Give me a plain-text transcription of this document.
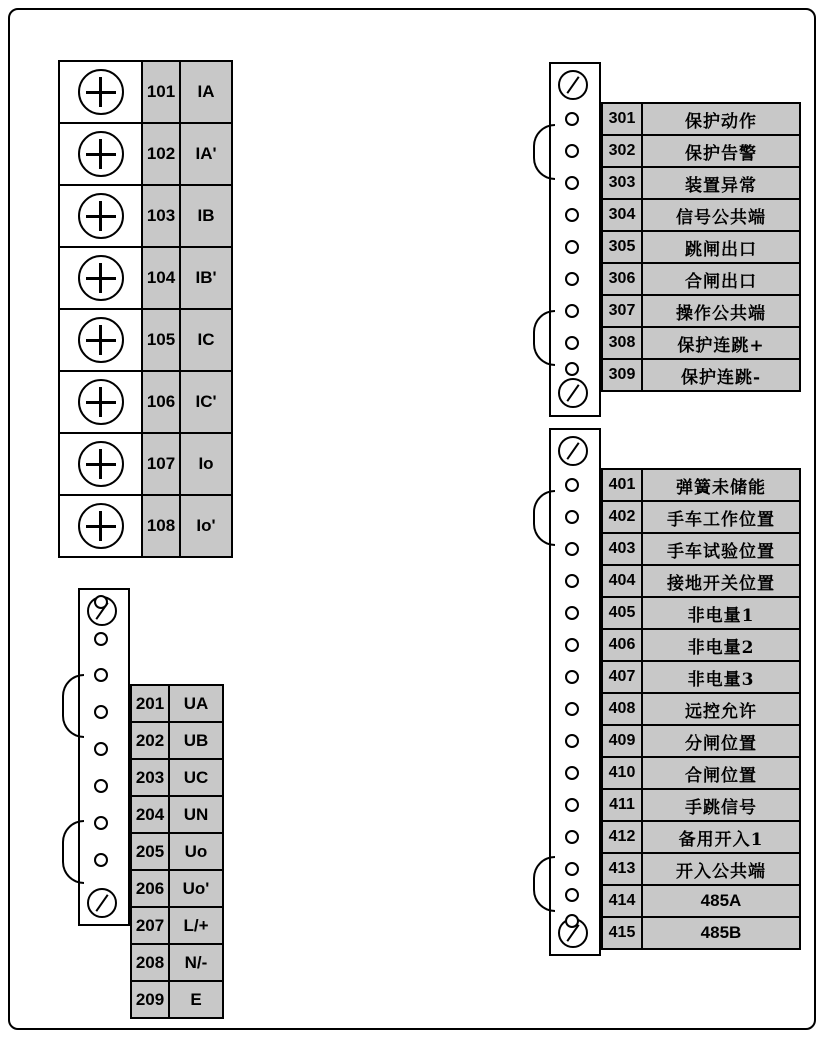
101	IA
102	IA'
103	IB
104	IB'
105	IC
106	IC'
107	Io
108	Io'
201	UA
202	UB
203	UC
204	UN
205	Uo
206	Uo'
207	L/+
208	N/-
209	E
301	保护动作
302	保护告警
303	装置异常
304	信号公共端
305	跳闸出口
306	合闸出口
307	操作公共端
308	保护连跳+
309	保护连跳-
401	弹簧未储能
402	手车工作位置
403	手车试验位置
404	接地开关位置
405	非电量1
406	非电量2
407	非电量3
408	远控允许
409	分闸位置
410	合闸位置
411	手跳信号
412	备用开入1
413	开入公共端
414	485A
415	485B
